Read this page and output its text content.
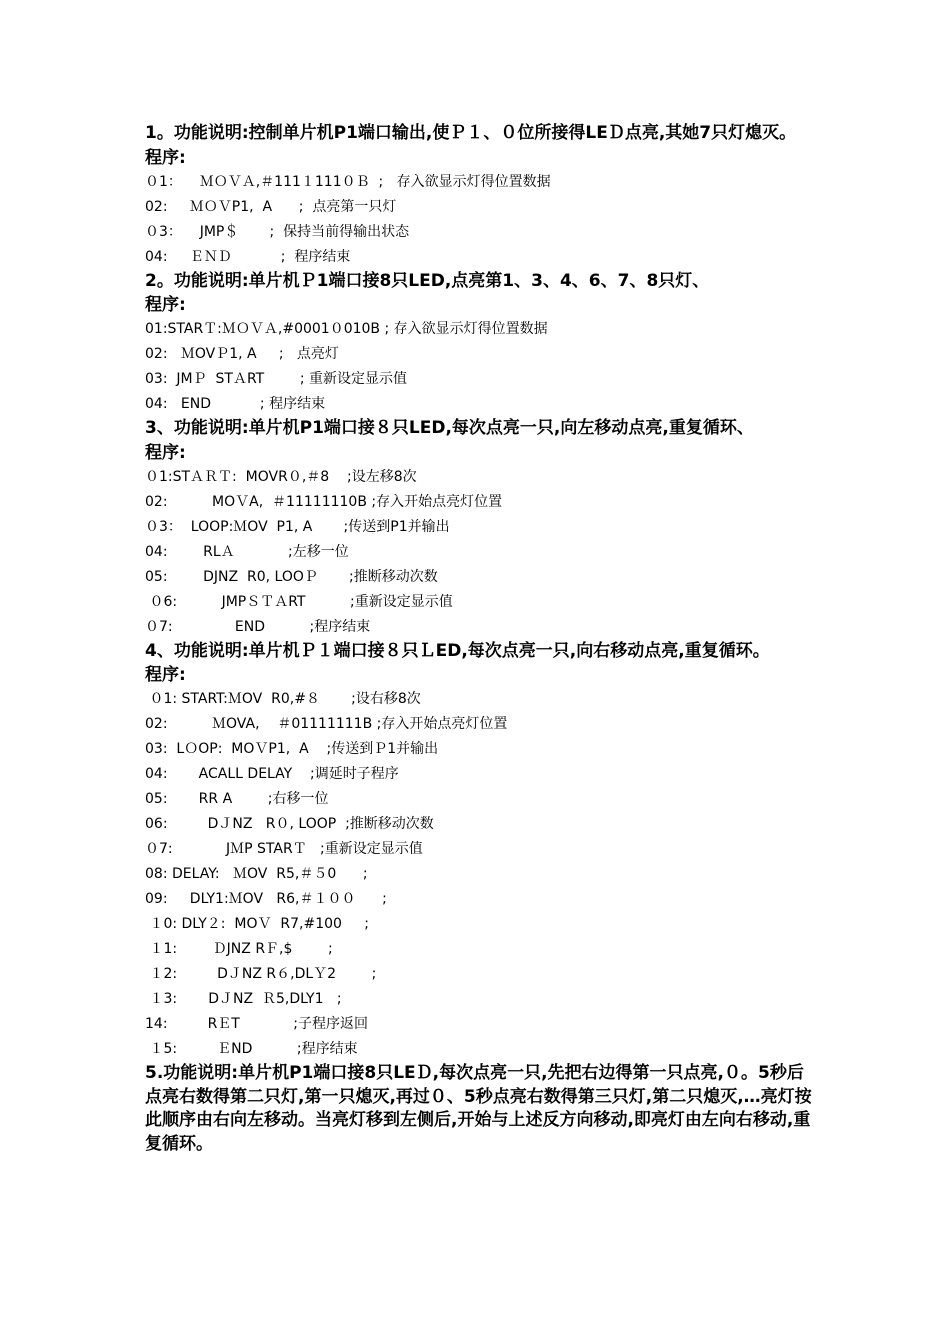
1。功能说明:控制单片机P1端口输出,使Ｐ１、０位所接得LEＤ点亮,其她7只灯熄灭。

程序:

０1：    ＭＯＶＡ,＃111１111０Ｂ  ;   存入欲显示灯得位置数据

02:     ＭＯＶP1,  A      ;  点亮第一只灯

０3：    JMP＄       ;  保持当前得输出状态

04:     ＥＮＤ           ;  程序结束

2。功能说明:单片机Ｐ1端口接8只LED,点亮第1、3、4、6、7、8只灯、

程序:

01:STARＴ:ＭＯＶＡ,#0001０010B ; 存入欲显示灯得位置数据

02:   ＭOVＰ1, A     ;   点亮灯

03:  JMＰ  STＡRT        ; 重新设定显示值

04:   END           ; 程序结束

3、功能说明:单片机P1端口接８只LED,每次点亮一只,向左移动点亮,重复循环、

程序:

０1:STＡＲＴ:  MOVR０,＃8    ;设左移8次

02:          MOＶA,  ＃11111110B ;存入开始点亮灯位置

０3：  LOOP:ＭOV  P1, A       ;传送到P1并输出

04:        RLＡ            ;左移一位

05:        DJNZ  R0, LOOＰ       ;推断移动次数

０6:          JMPＳＴＡRT          ;重新设定显示值

０7:              END          ;程序结束

4、功能说明:单片机Ｐ１端口接８只ＬED,每次点亮一只,向右移动点亮,重复循环。

程序:

０1: START:ＭOV  R0,#８       ;设右移8次

02:          ＭOVA,    ＃01111111B ;存入开始点亮灯位置

03:  LＯOP:  MOＶP1,  A    ;传送到Ｐ1并输出

04:       ACALL DELAY    ;调延时子程序

05:       RR A        ;右移一位

06:         DＪNZ   R０, LOOP  ;推断移动次数

０7:            JＭP STARＴ   ;重新设定显示值

08: DELAY:   ＭOV  R5,＃５0      ;

09:     DLY1:ＭOV   R6,＃１００      ;

１0: DLY２:  MOＶ  R7,#100     ;

１1:        ＤJNZ RＦ,$        ;

１2:         DＪNZ R６,DLＹ2        ;

１3:       DＪNZ  Ｒ5,DLY1   ;

14:         RＥT            ;子程序返回

１5:         ＥND          ;程序结束

5.功能说明:单片机P1端口接8只LEＤ,每次点亮一只,先把右边得第一只点亮,０。5秒后点亮右数得第二只灯,第一只熄灭,再过０、5秒点亮右数得第三只灯,第二只熄灭,…亮灯按此顺序由右向左移动。当亮灯移到左侧后,开始与上述反方向移动,即亮灯由左向右移动,重复循环。
